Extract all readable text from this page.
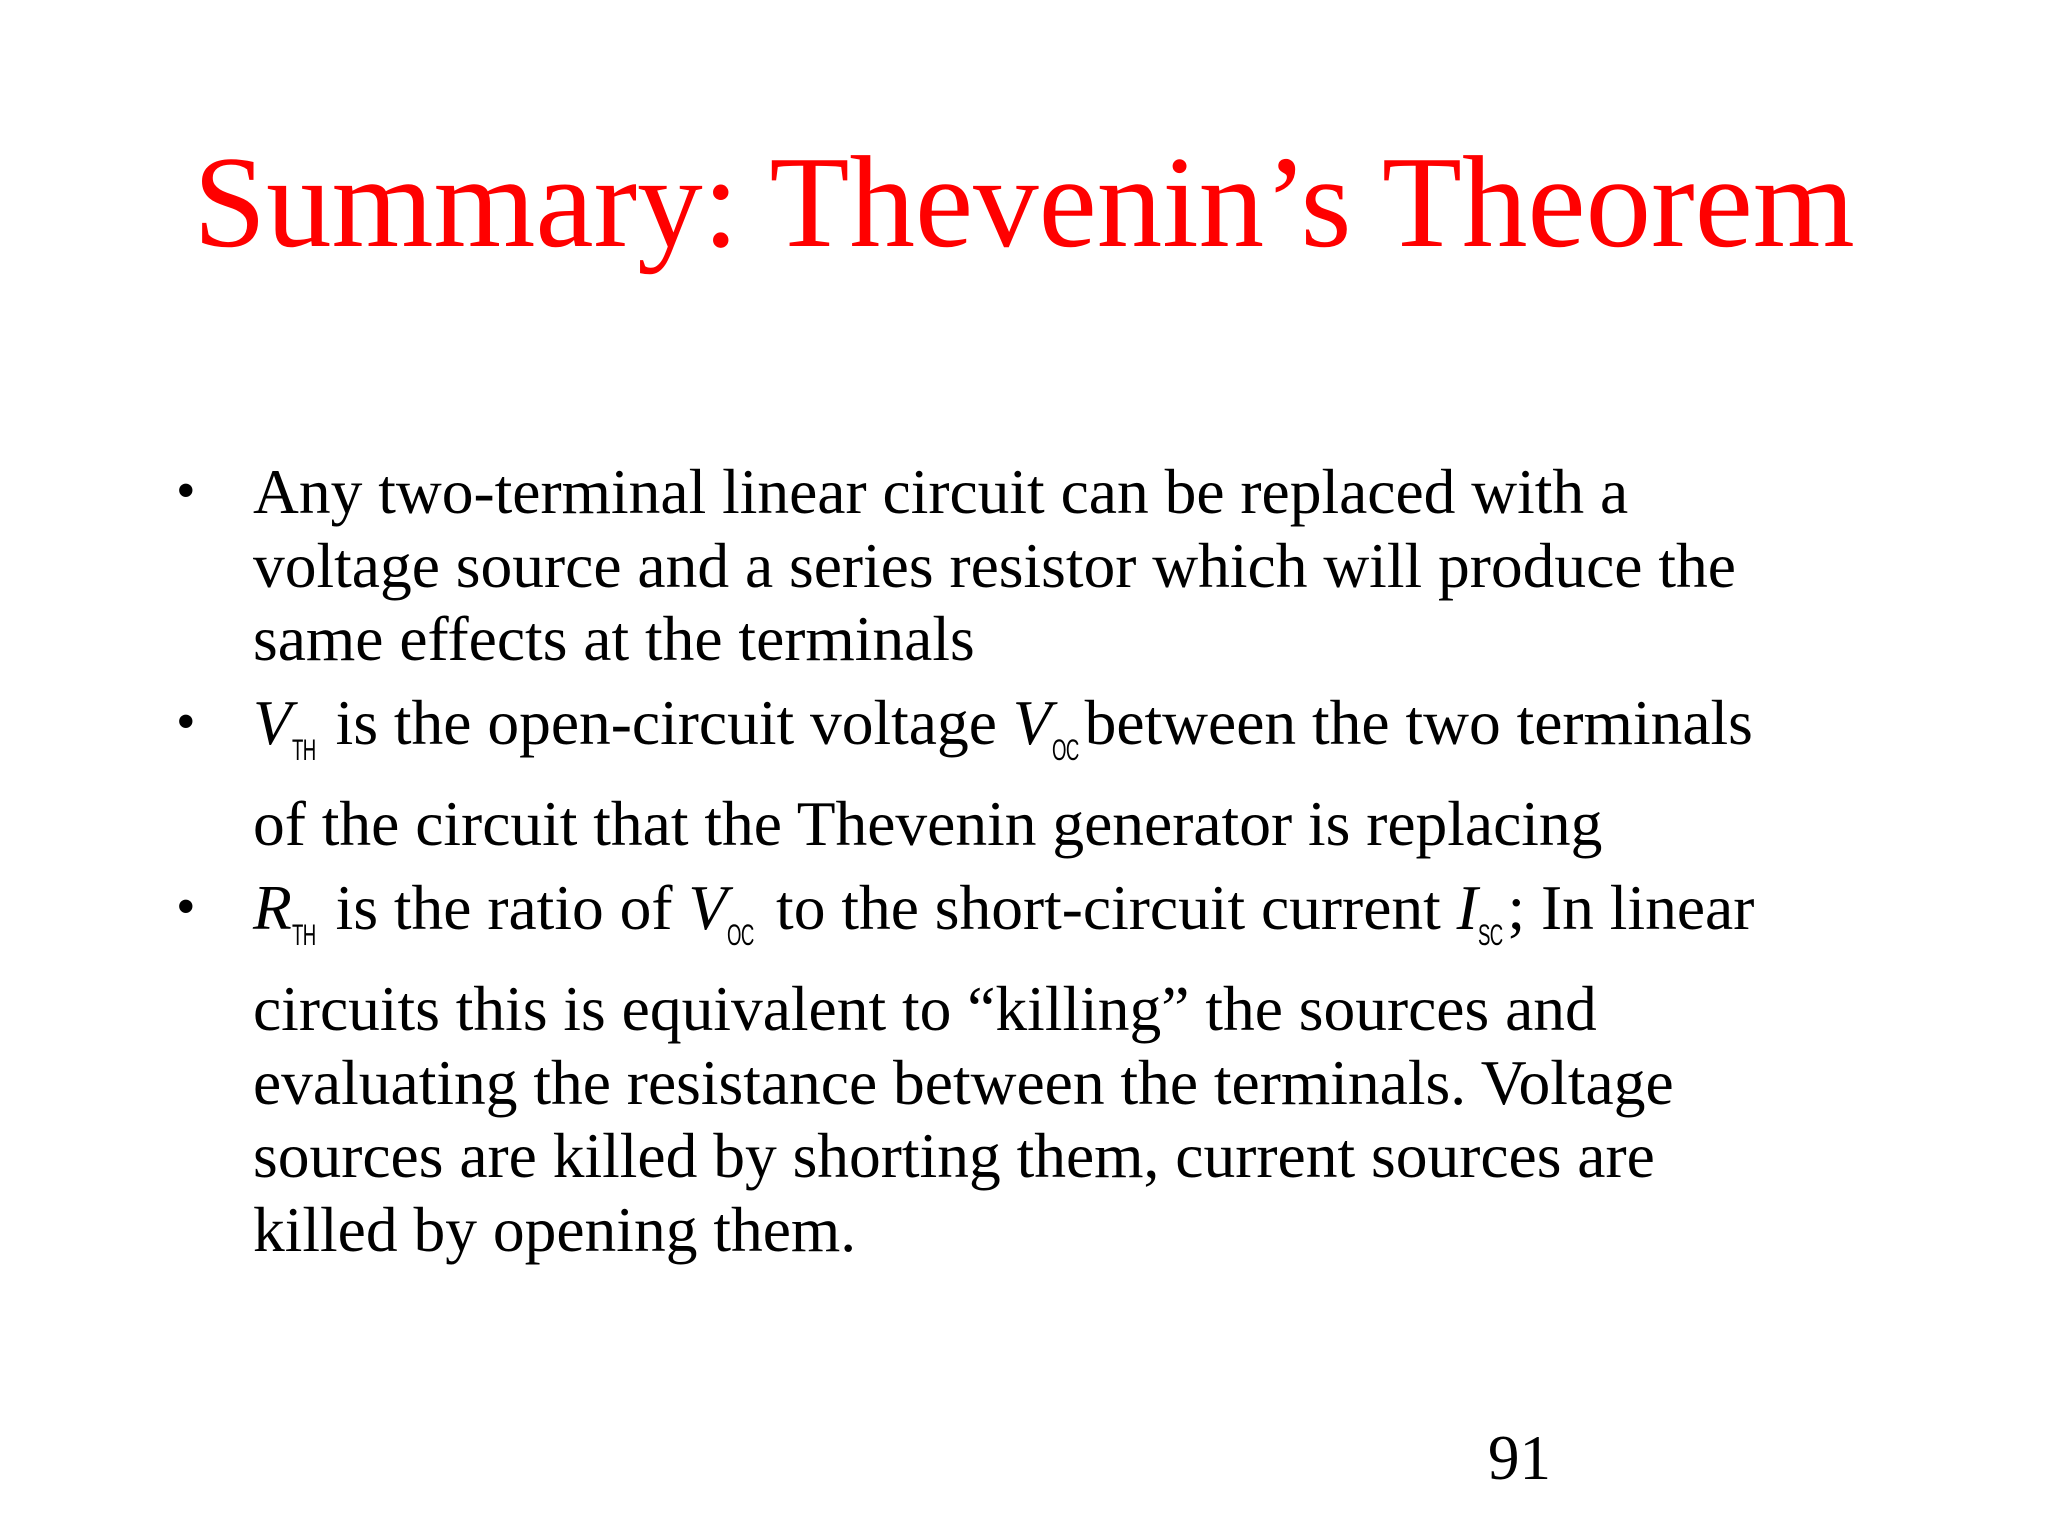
Summary: Thevenin’s Theorem
• Any two-terminal linear circuit can be replaced with a
voltage source and a series resistor which will produce the
same effects at the terminals
• VTH is the open-circuit voltage VOCbetween the two terminals
of the circuit that the Thevenin generator is replacing
• RTH is the ratio of VOC to the short-circuit current ISC; In linear
circuits this is equivalent to “killing” the sources and
evaluating the resistance between the terminals. Voltage
sources are killed by shorting them, current sources are
killed by opening them.
91
